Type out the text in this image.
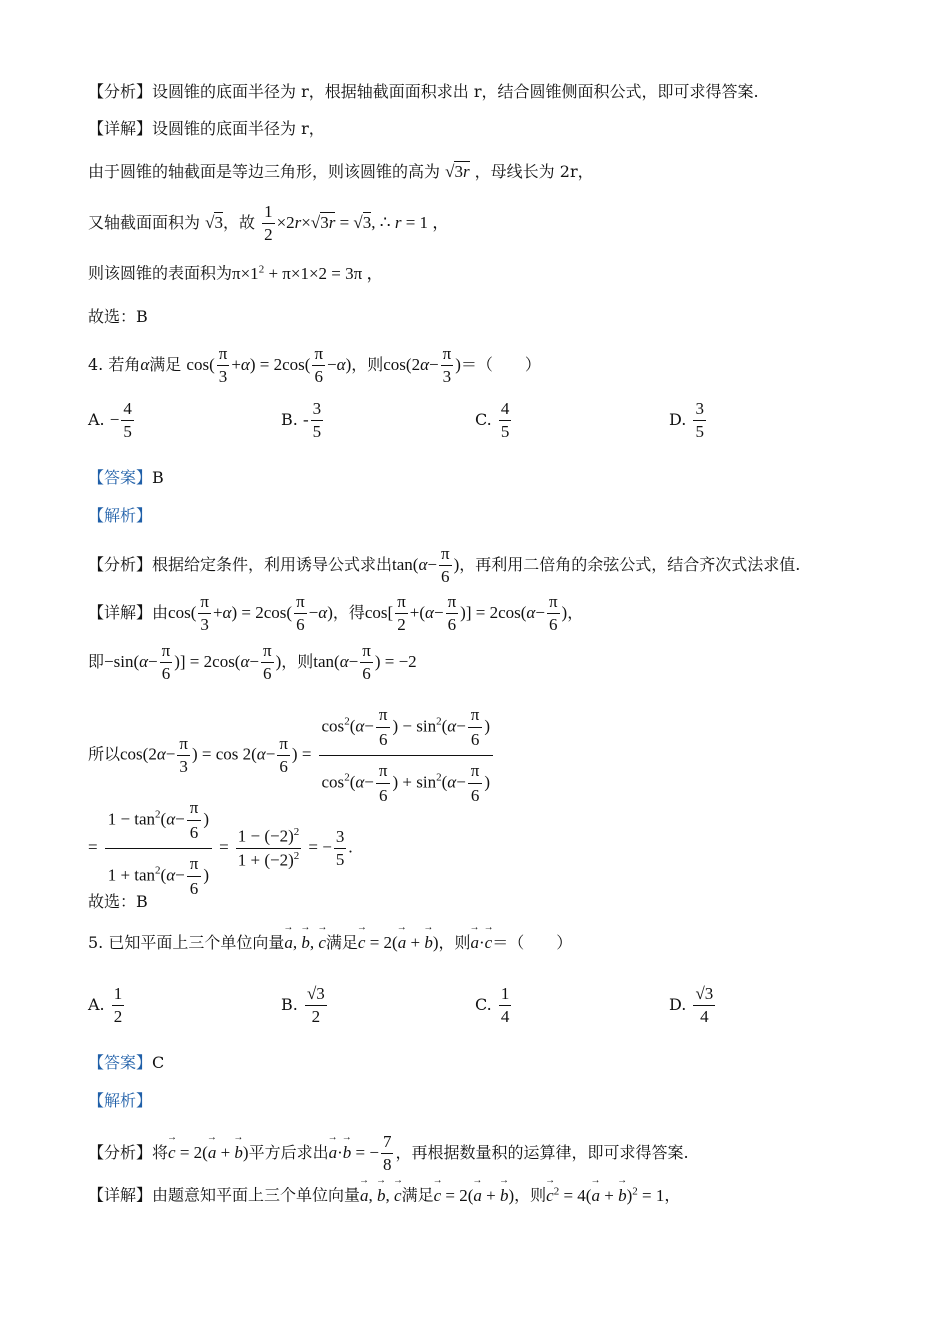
【分析】设圆锥的底面半径为 r，根据轴截面面积求出 r，结合圆锥侧面积公式，即可求得答案.
【详解】设圆锥的底面半径为 r，
由于圆锥的轴截面是等边三角形，则该圆锥的高为 √3r ，母线长为 2r，
又轴截面面积为 √3，故 $\frac{1}{2} \times 2r\times√3r = √3$, ∴ r = 1 ，
则该圆锥的表面积为$\pi\times 1^2 + \pi\times 1\times 2 = 3\pi$ ，
故选：B
4. 若角α满足 $\cos( \frac{\pi}{3} +\alpha) = 2\cos( \frac{\pi}{6} -\alpha)$，则$\cos(2\alpha- \frac{\pi}{3}$ )＝（　　）
A. − $\frac{4}{5}$	B. - $\frac{3}{5}$	C. $\frac{4}{5}$	D. $\frac{3}{5}$
【答案】B
【解析】
【分析】根据给定条件，利用诱导公式求出$\tan(\alpha- \frac{\pi}{6}$ )，再利用二倍角的余弦公式，结合齐次式法求值.
【详解】由$\cos( \frac{\pi}{3} +\alpha) = 2\cos( \frac{\pi}{6} -\alpha)$，得$\cos[ \frac{\pi}{2} +(\alpha- \frac{\pi}{6}$ )] = $2\cos(\alpha- \frac{\pi}{6}$ )，
即$-\sin(\alpha- \frac{\pi}{6}$ )] = $2\cos(\alpha- \frac{\pi}{6}$ )，则$\tan(\alpha- \frac{\pi}{6}$ ) = −2
所以$\cos(2\alpha- \frac{\pi}{3}$ ) = $\cos 2(\alpha- \frac{\pi}{6}$ ) = $\frac{\cos^2(\alpha- \frac{\pi}{6} ) - \sin^2(\alpha- \frac{\pi}{6} )}{\cos^2(\alpha- \frac{\pi}{6} ) + \sin^2(\alpha- \frac{\pi}{6} )}$
= $\frac{1 - \tan^2(\alpha- \frac{\pi}{6} )}{1 + \tan^2(\alpha- \frac{\pi}{6} )} = \frac{1 - (-2)^2}{1 + (-2)^2}$ = − $\frac{3}{5}$ .
故选：B
5. 已知平面上三个单位向量→ a, → b, → c满足→ c = 2(→ a + → b)，则→ a·→ c＝（　　）
A. $\frac{1}{2}$	B. $\frac{√3}{2}$	C. $\frac{1}{4}$	D. $\frac{√3}{4}$
【答案】C
【解析】
【分析】将→ c = 2(→ a + → b)平方后求出→ a·→ b = − $\frac{7}{8}$ ，再根据数量积的运算律，即可求得答案.
【详解】由题意知平面上三个单位向量→ a, → b, → c满足→ c = 2(→ a + → b)，则→ $c^2 = 4(\to a$ + → b)$^2$ = 1，
